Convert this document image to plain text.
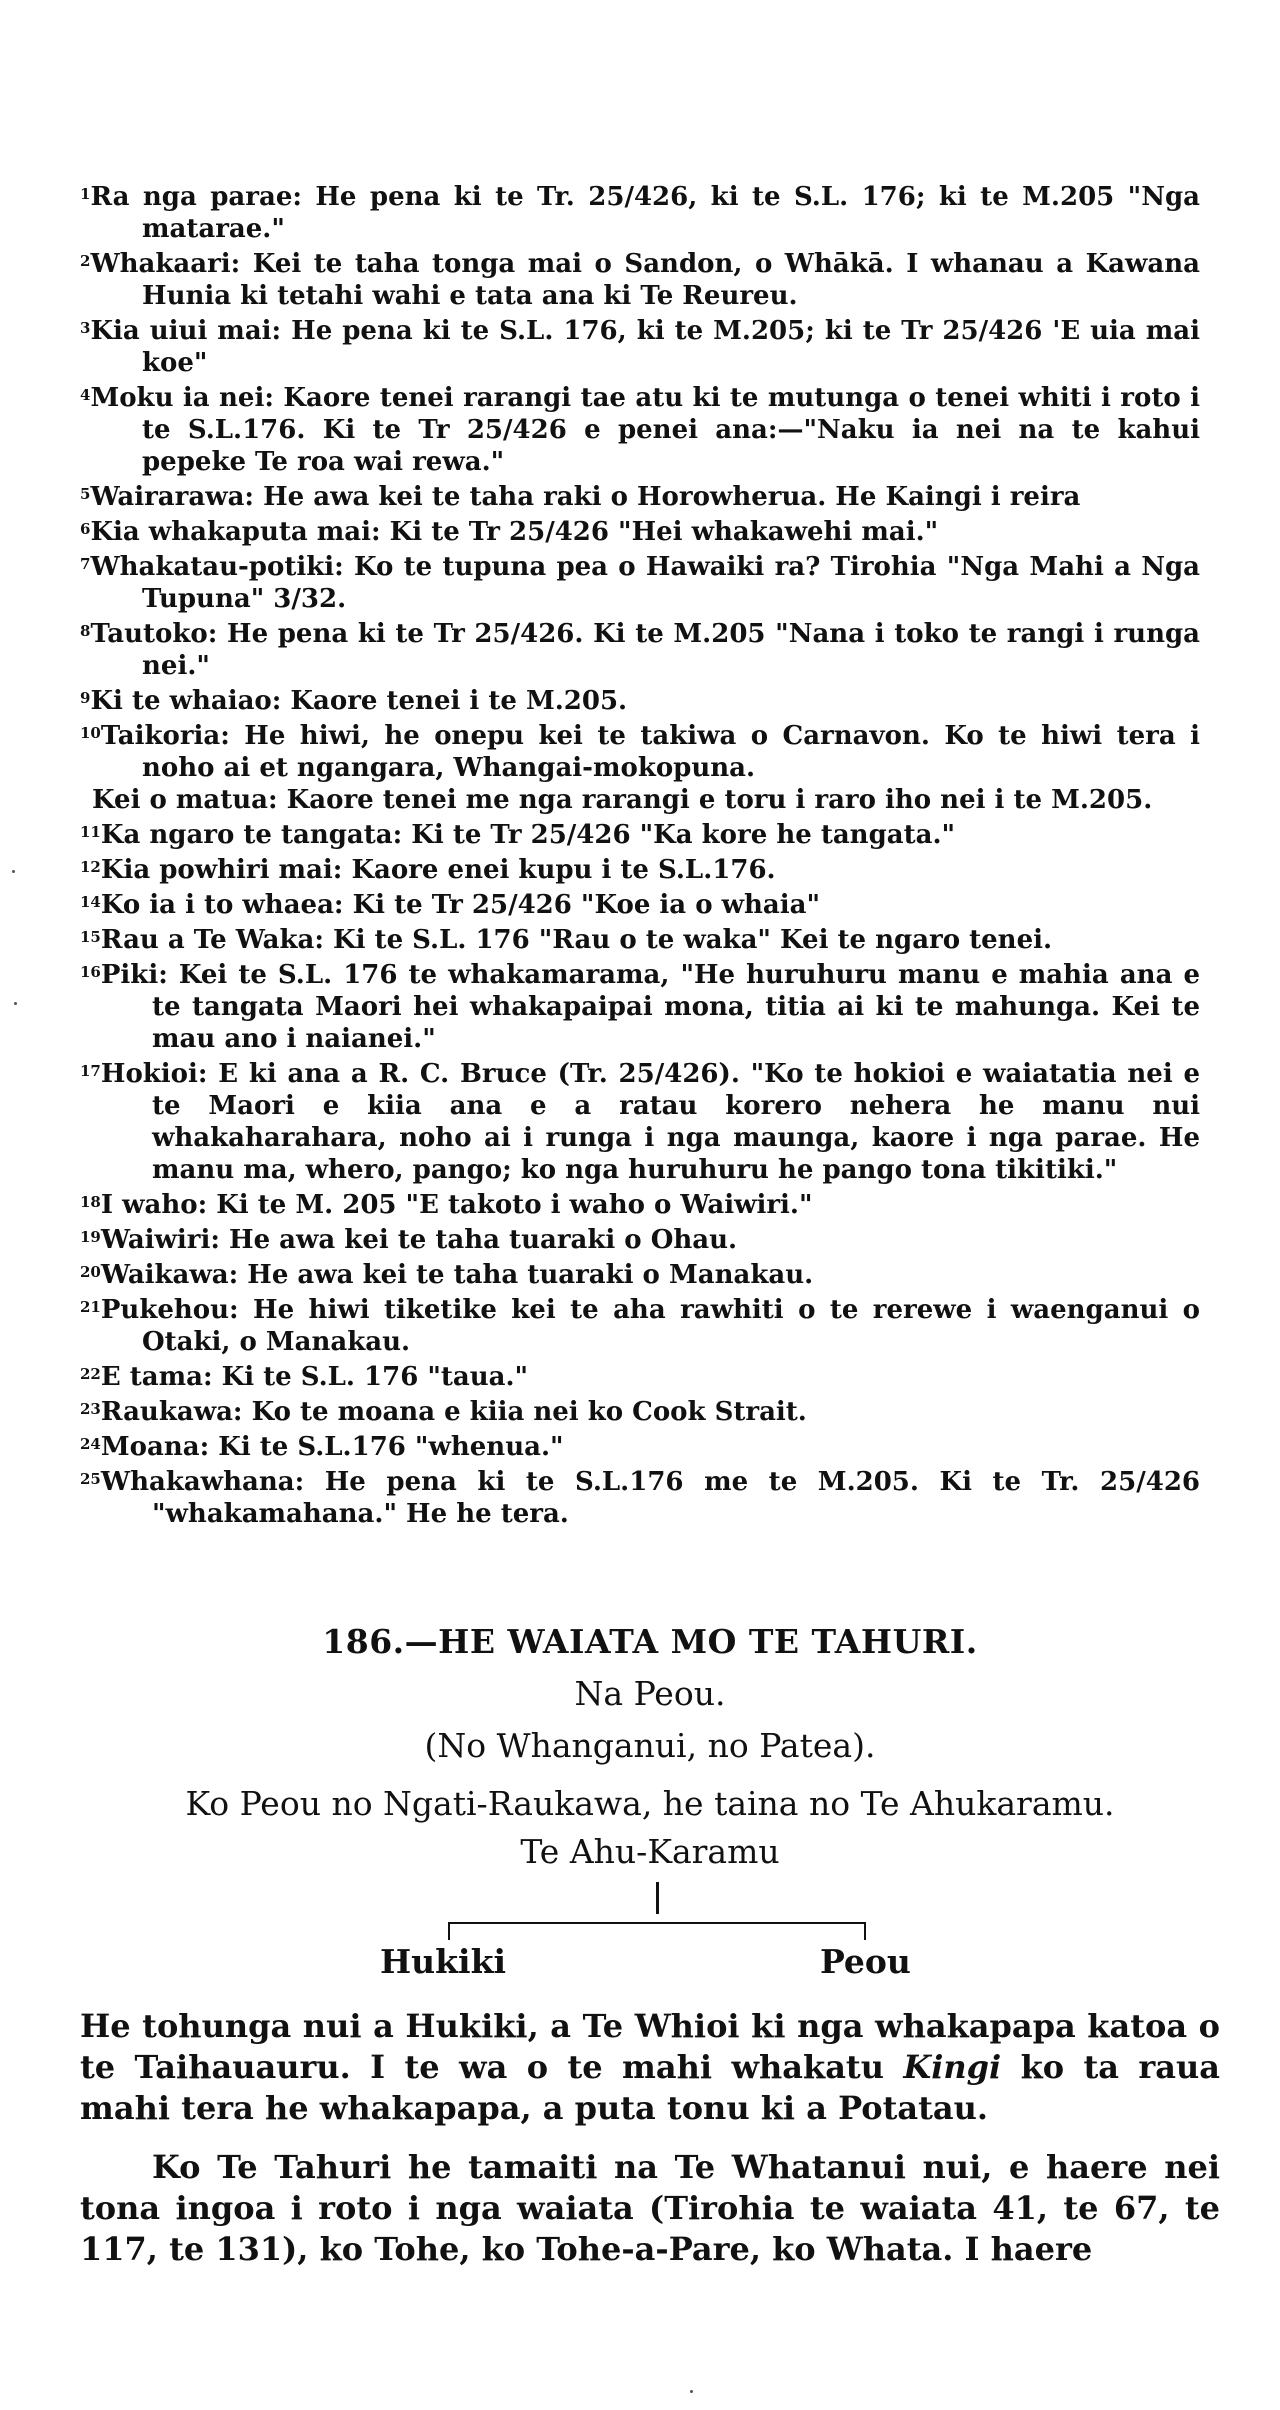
1Ra nga parae: He pena ki te Tr. 25/426, ki te S.L. 176; ki te M.205 "Nga matarae."

2Whakaari: Kei te taha tonga mai o Sandon, o Whākā. I whanau a Kawana Hunia ki tetahi wahi e tata ana ki Te Reureu.

3Kia uiui mai: He pena ki te S.L. 176, ki te M.205; ki te Tr 25/426 'E uia mai koe"

4Moku ia nei: Kaore tenei rarangi tae atu ki te mutunga o tenei whiti i roto i te S.L.176. Ki te Tr 25/426 e penei ana:—"Naku ia nei na te kahui pepeke Te roa wai rewa."

5Wairarawa: He awa kei te taha raki o Horowherua. He Kaingi i reira

6Kia whakaputa mai: Ki te Tr 25/426 "Hei whakawehi mai."

7Whakatau-potiki: Ko te tupuna pea o Hawaiki ra? Tirohia "Nga Mahi a Nga Tupuna" 3/32.

8Tautoko: He pena ki te Tr 25/426. Ki te M.205 "Nana i toko te rangi i runga nei."

9Ki te whaiao: Kaore tenei i te M.205.

10Taikoria: He hiwi, he onepu kei te takiwa o Carnavon. Ko te hiwi tera i noho ai et ngangara, Whangai-mokopuna.

Kei o matua: Kaore tenei me nga rarangi e toru i raro iho nei i te M.205.

11Ka ngaro te tangata: Ki te Tr 25/426 "Ka kore he tangata."

12Kia powhiri mai: Kaore enei kupu i te S.L.176.

14Ko ia i to whaea: Ki te Tr 25/426 "Koe ia o whaia"

15Rau a Te Waka: Ki te S.L. 176 "Rau o te waka" Kei te ngaro tenei.

16Piki: Kei te S.L. 176 te whakamarama, "He huruhuru manu e mahia ana e te tangata Maori hei whakapaipai mona, titia ai ki te mahunga. Kei te mau ano i naianei."

17Hokioi: E ki ana a R. C. Bruce (Tr. 25/426). "Ko te hokioi e waiatatia nei e te Maori e kiia ana e a ratau korero nehera he manu nui whakaharahara, noho ai i runga i nga maunga, kaore i nga parae. He manu ma, whero, pango; ko nga huruhuru he pango tona tikitiki."

18I waho: Ki te M. 205 "E takoto i waho o Waiwiri."

19Waiwiri: He awa kei te taha tuaraki o Ohau.

20Waikawa: He awa kei te taha tuaraki o Manakau.

21Pukehou: He hiwi tiketike kei te aha rawhiti o te rerewe i waenganui o Otaki, o Manakau.

22E tama: Ki te S.L. 176 "taua."

23Raukawa: Ko te moana e kiia nei ko Cook Strait.

24Moana: Ki te S.L.176 "whenua."

25Whakawhana: He pena ki te S.L.176 me te M.205. Ki te Tr. 25/426 "whakamahana." He he tera.

186.—HE WAIATA MO TE TAHURI.

Na Peou.

(No Whanganui, no Patea).

Ko Peou no Ngati-Raukawa, he taina no Te Ahukaramu.

Te Ahu-Karamu
Hukiki	Peou

He tohunga nui a Hukiki, a Te Whioi ki nga whakapapa katoa o te Taihauauru. I te wa o te mahi whakatu Kingi ko ta raua mahi tera he whakapapa, a puta tonu ki a Potatau.

Ko Te Tahuri he tamaiti na Te Whatanui nui, e haere nei tona ingoa i roto i nga waiata (Tirohia te waiata 41, te 67, te 117, te 131), ko Tohe, ko Tohe-a-Pare, ko Whata. I haere
